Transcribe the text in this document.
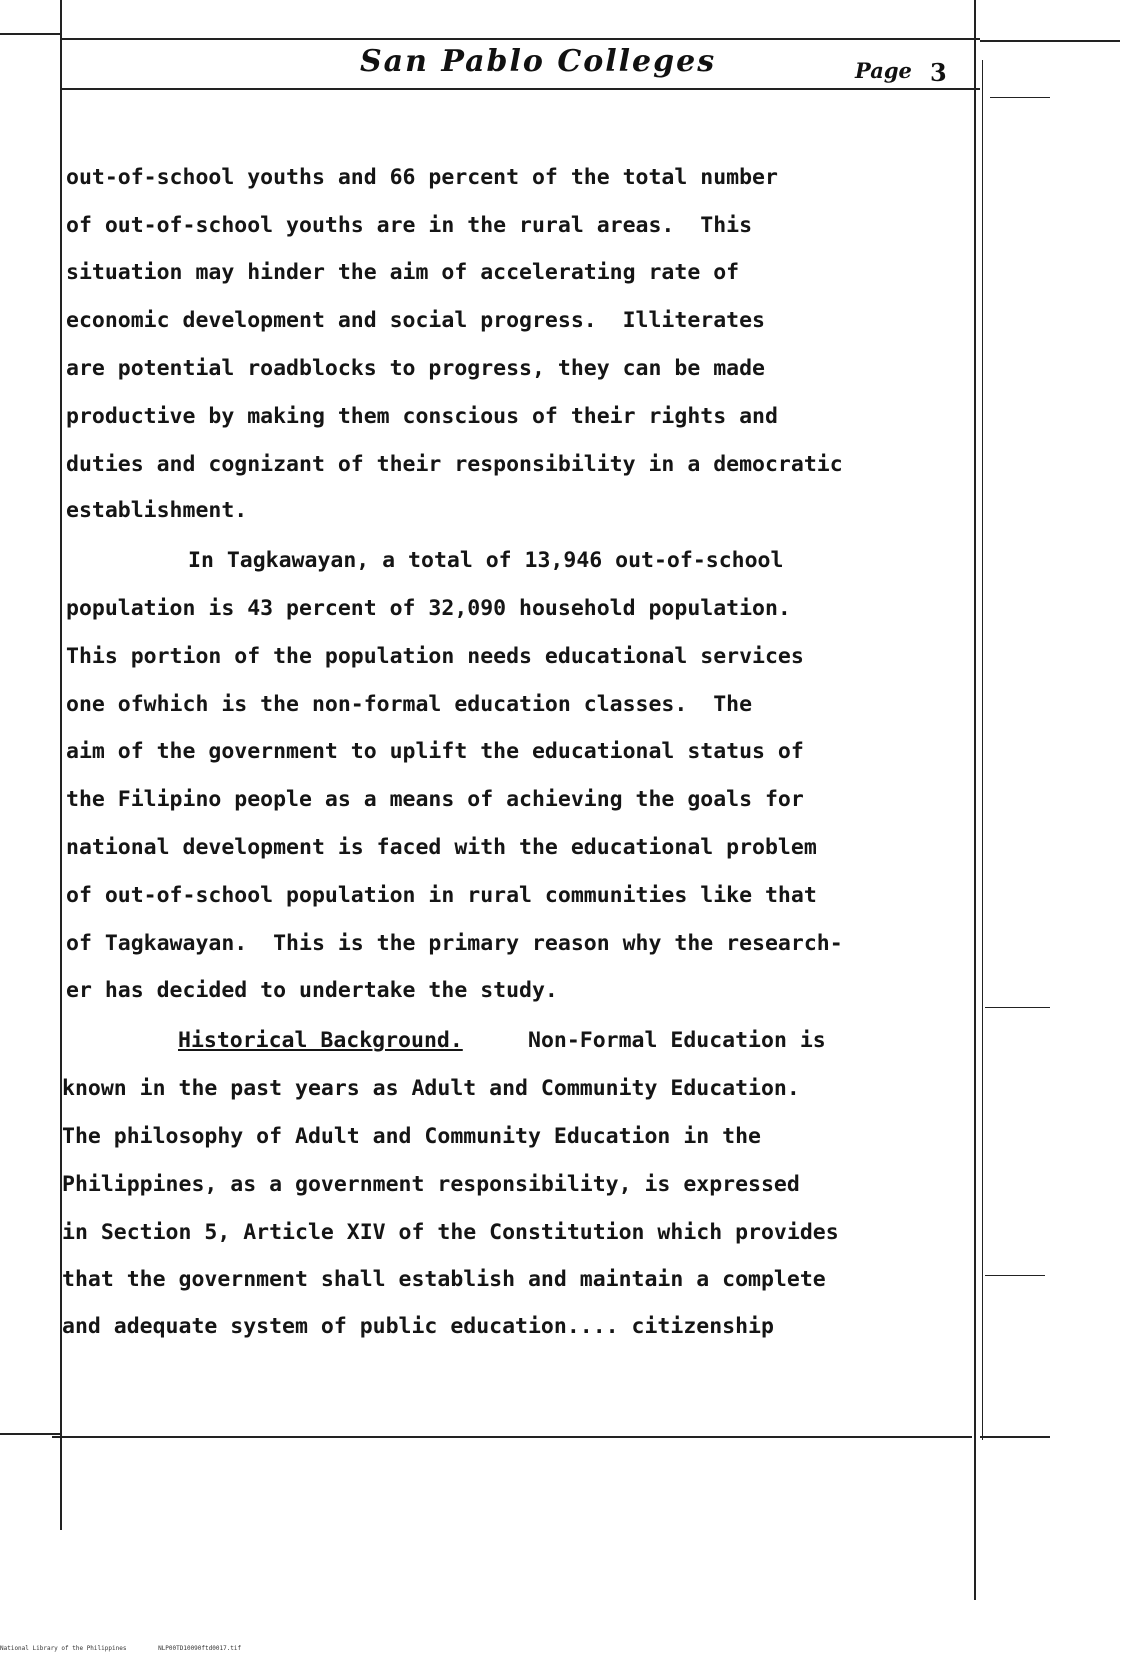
San Pablo Colleges	Page 3
out-of-school youths and 66 percent of the total number
of out-of-school youths are in the rural areas.  This
situation may hinder the aim of accelerating rate of
economic development and social progress.  Illiterates
are potential roadblocks to progress, they can be made
productive by making them conscious of their rights and
duties and cognizant of their responsibility in a democratic
establishment.
In Tagkawayan, a total of 13,946 out-of-school
population is 43 percent of 32,090 household population.
This portion of the population needs educational services
one ofwhich is the non-formal education classes.  The
aim of the government to uplift the educational status of
the Filipino people as a means of achieving the goals for
national development is faced with the educational problem
of out-of-school population in rural communities like that
of Tagkawayan.  This is the primary reason why the research-
er has decided to undertake the study.
Historical Background.	Non-Formal Education is
known in the past years as Adult and Community Education.
The philosophy of Adult and Community Education in the
Philippines, as a government responsibility, is expressed
in Section 5, Article XIV of the Constitution which provides
that the government shall establish and maintain a complete
and adequate system of public education.... citizenship
National Library of the Philippines	NLP00TD10090ftd0017.tif
